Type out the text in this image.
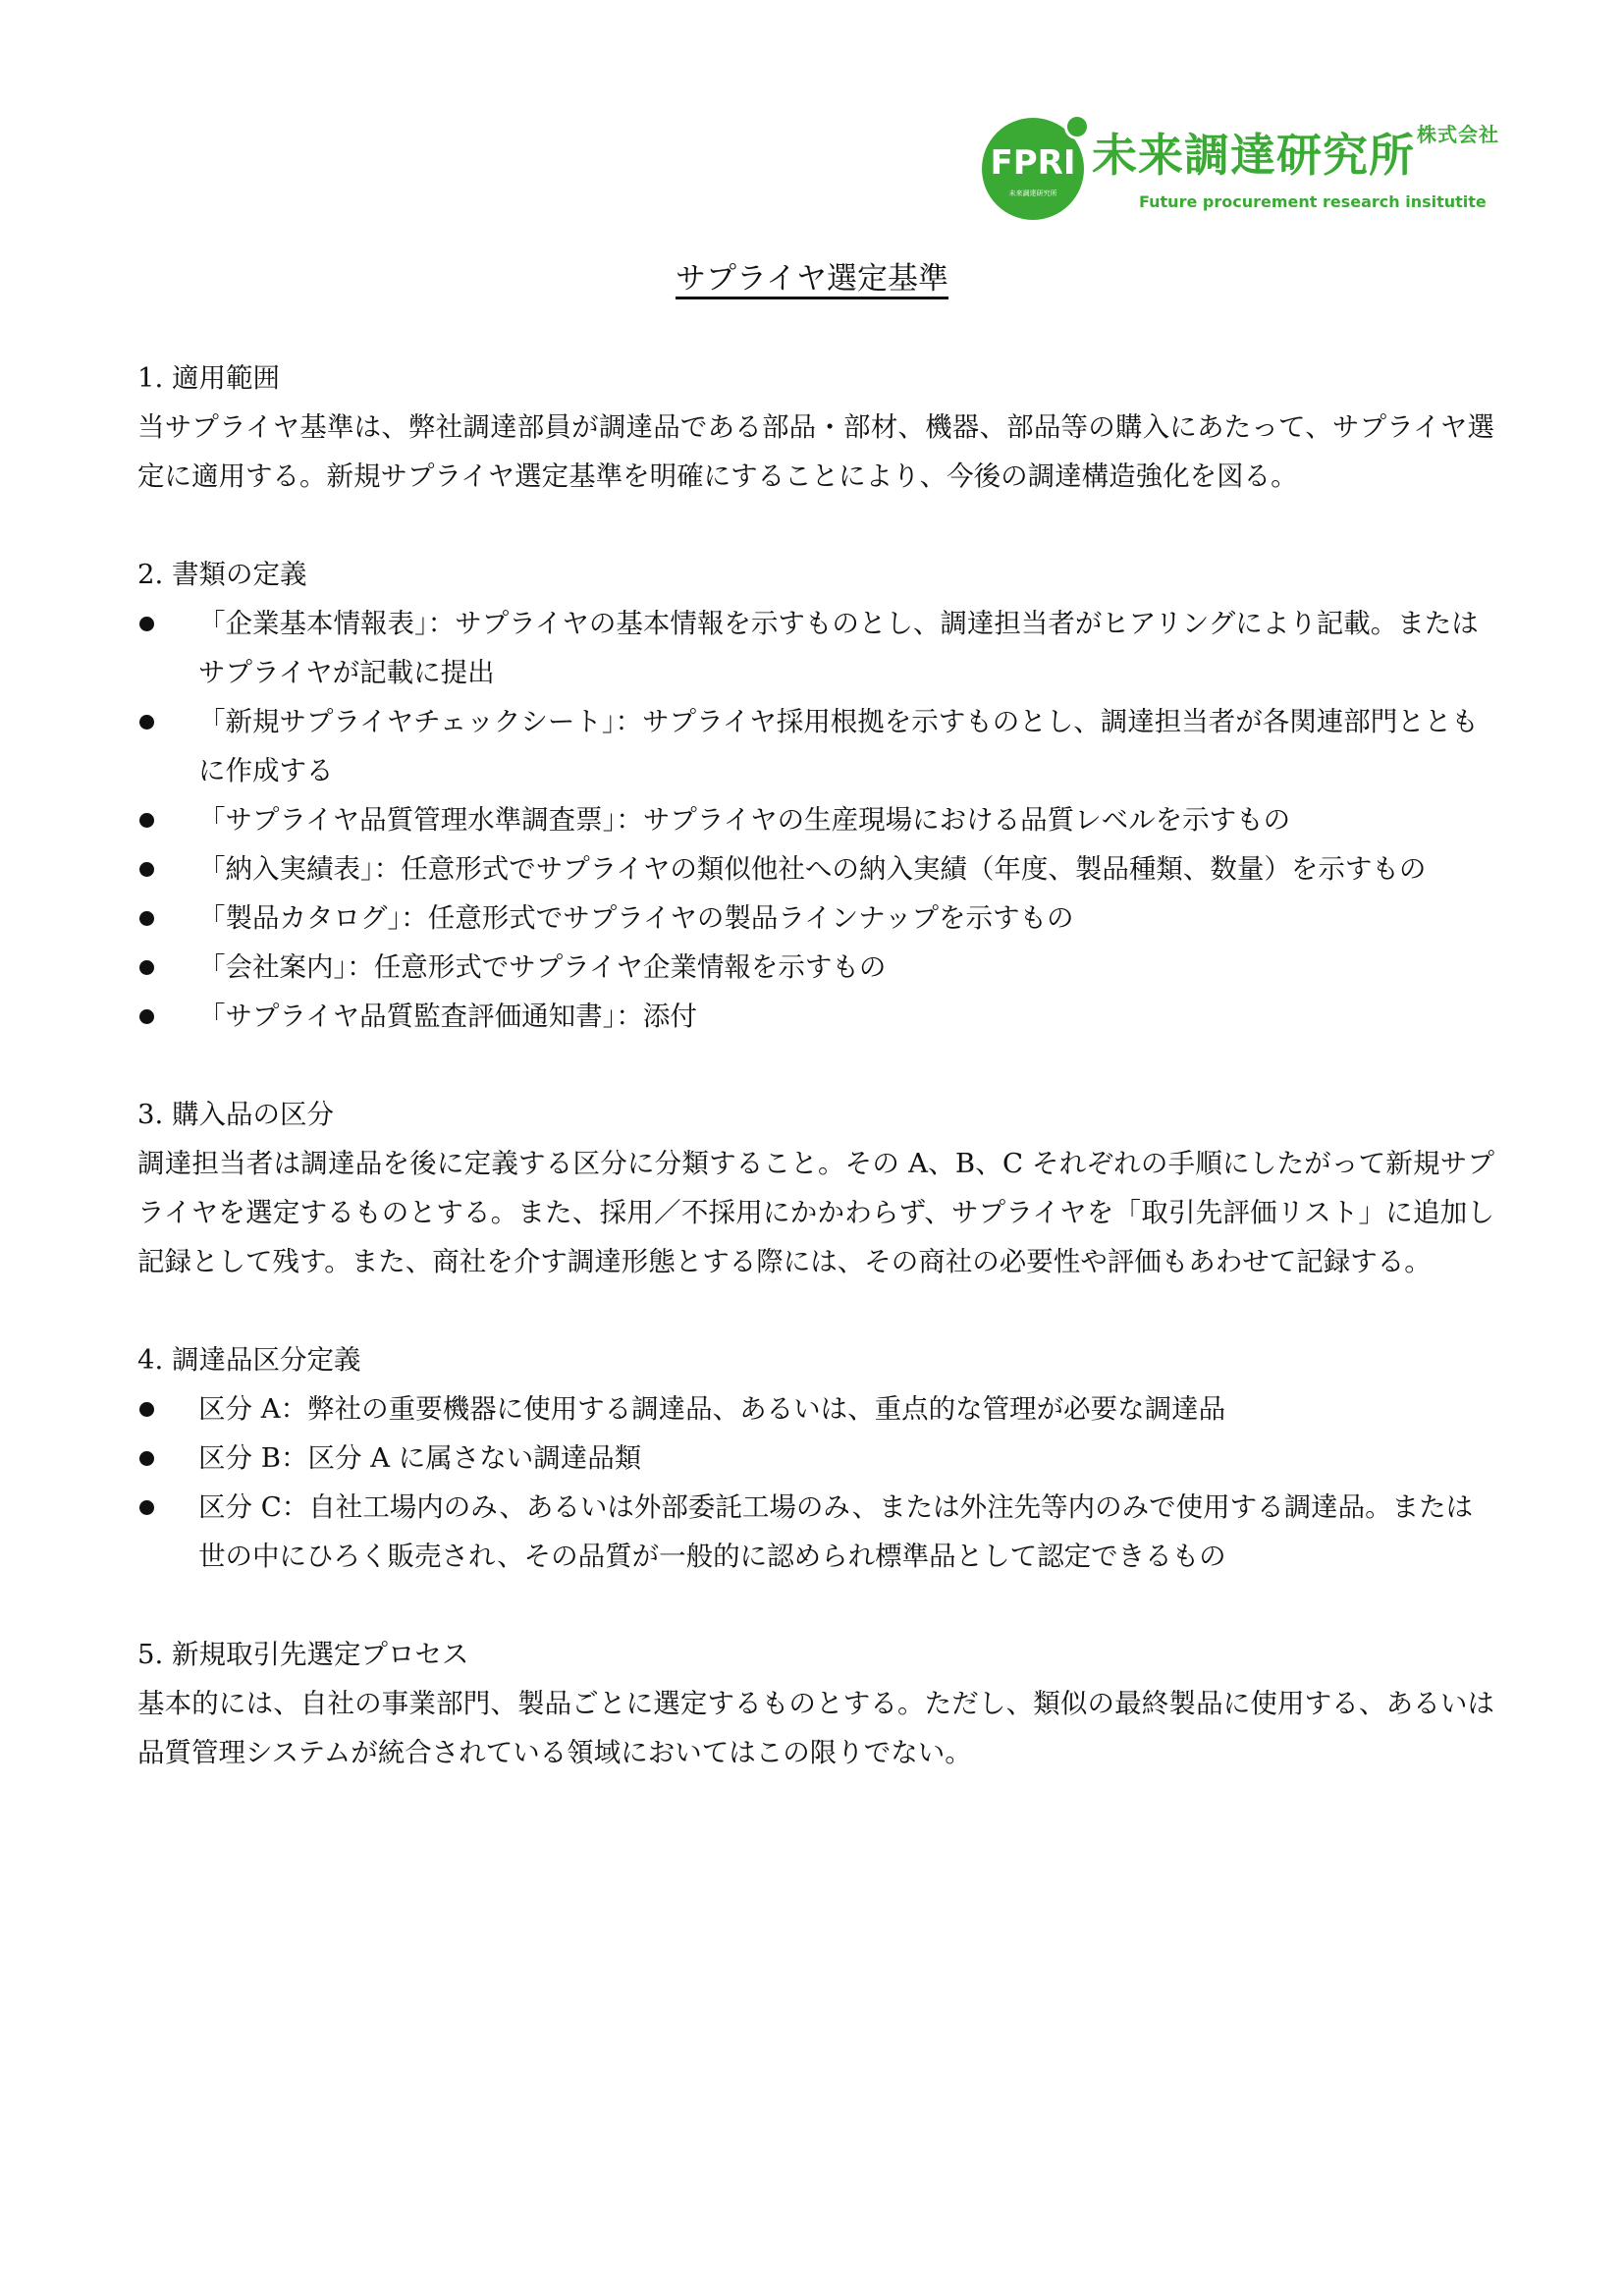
FPRI
未来調達研究所
未来調達研究所 株式会社
Future procurement research insitutite
サプライヤ選定基準
1. 適用範囲
当サプライヤ基準は、弊社調達部員が調達品である部品・部材、機器、部品等の購入にあたって、サプライヤ選定に適用する。新規サプライヤ選定基準を明確にすることにより、今後の調達構造強化を図る。
2. 書類の定義
「企業基本情報表」：サプライヤの基本情報を示すものとし、調達担当者がヒアリングにより記載。またはサプライヤが記載に提出
「新規サプライヤチェックシート」：サプライヤ採用根拠を示すものとし、調達担当者が各関連部門とともに作成する
「サプライヤ品質管理水準調査票」：サプライヤの生産現場における品質レベルを示すもの
「納入実績表」：任意形式でサプライヤの類似他社への納入実績（年度、製品種類、数量）を示すもの
「製品カタログ」：任意形式でサプライヤの製品ラインナップを示すもの
「会社案内」：任意形式でサプライヤ企業情報を示すもの
「サプライヤ品質監査評価通知書」：添付
3. 購入品の区分
調達担当者は調達品を後に定義する区分に分類すること。その A、B、C それぞれの手順にしたがって新規サプライヤを選定するものとする。また、採用／不採用にかかわらず、サプライヤを「取引先評価リスト」に追加し記録として残す。また、商社を介す調達形態とする際には、その商社の必要性や評価もあわせて記録する。
4. 調達品区分定義
区分 A：弊社の重要機器に使用する調達品、あるいは、重点的な管理が必要な調達品
区分 B：区分 A に属さない調達品類
区分 C：自社工場内のみ、あるいは外部委託工場のみ、または外注先等内のみで使用する調達品。または世の中にひろく販売され、その品質が一般的に認められ標準品として認定できるもの
5. 新規取引先選定プロセス
基本的には、自社の事業部門、製品ごとに選定するものとする。ただし、類似の最終製品に使用する、あるいは品質管理システムが統合されている領域においてはこの限りでない。
